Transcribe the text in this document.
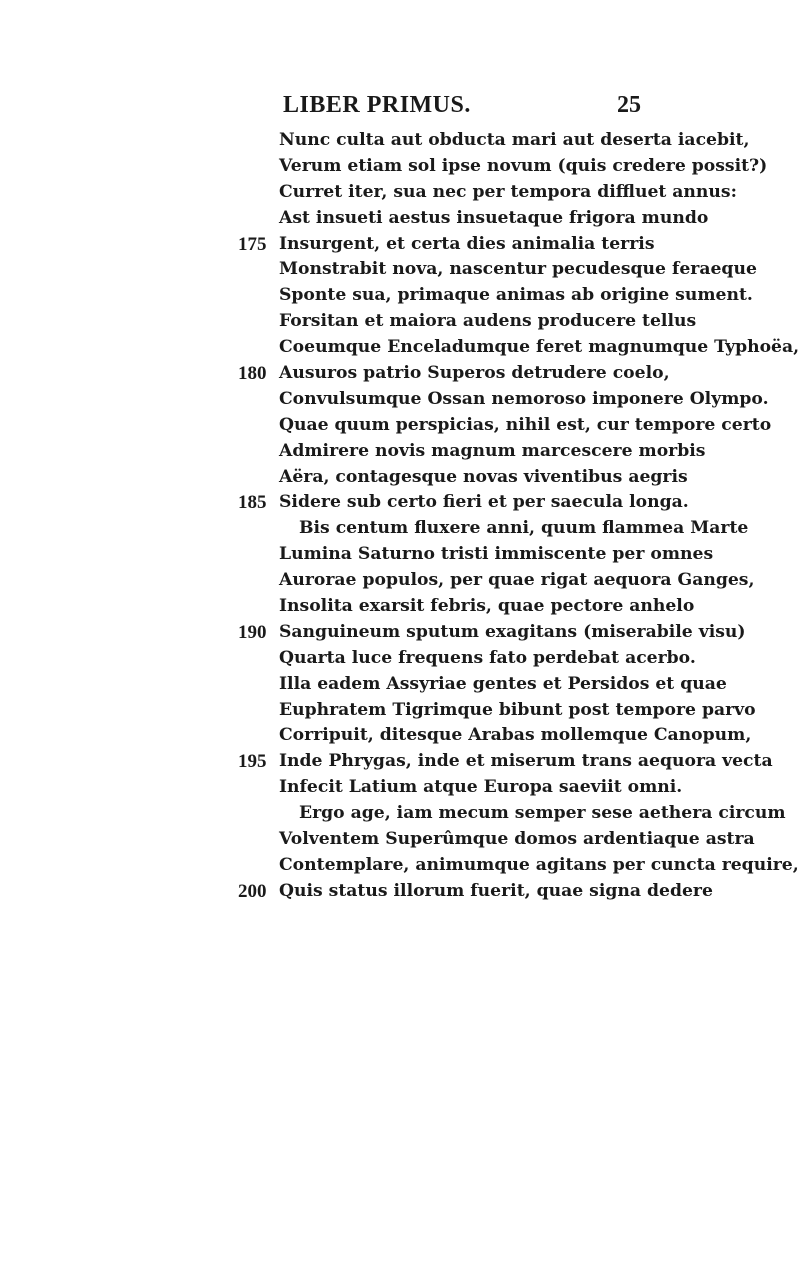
LIBER PRIMUS.	25
Nunc culta aut obducta mari aut deserta iacebit,
Verum etiam sol ipse novum (quis credere possit?)
Curret iter, sua nec per tempora diffluet annus:
Ast insueti aestus insuetaque frigora mundo
175 Insurgent, et certa dies animalia terris
Monstrabit nova, nascentur pecudesque feraeque
Sponte sua, primaque animas ab origine sument.
Forsitan et maiora audens producere tellus
Coeumque Enceladumque feret magnumque Typhoëa,
180 Ausuros patrio Superos detrudere coelo,
Convulsumque Ossan nemoroso imponere Olympo.
Quae quum perspicias, nihil est, cur tempore certo
Admirere novis magnum marcescere morbis
Aëra, contagesque novas viventibus aegris
185 Sidere sub certo fieri et per saecula longa.
Bis centum fluxere anni, quum flammea Marte
Lumina Saturno tristi immiscente per omnes
Aurorae populos, per quae rigat aequora Ganges,
Insolita exarsit febris, quae pectore anhelo
190 Sanguineum sputum exagitans (miserabile visu)
Quarta luce frequens fato perdebat acerbo.
Illa eadem Assyriae gentes et Persidos et quae
Euphratem Tigrimque bibunt post tempore parvo
Corripuit, ditesque Arabas mollemque Canopum,
195 Inde Phrygas, inde et miserum trans aequora vecta
Infecit Latium atque Europa saeviit omni.
Ergo age, iam mecum semper sese aethera circum
Volventem Superûmque domos ardentiaque astra
Contemplare, animumque agitans per cuncta require,
200 Quis status illorum fuerit, quae signa dedere
